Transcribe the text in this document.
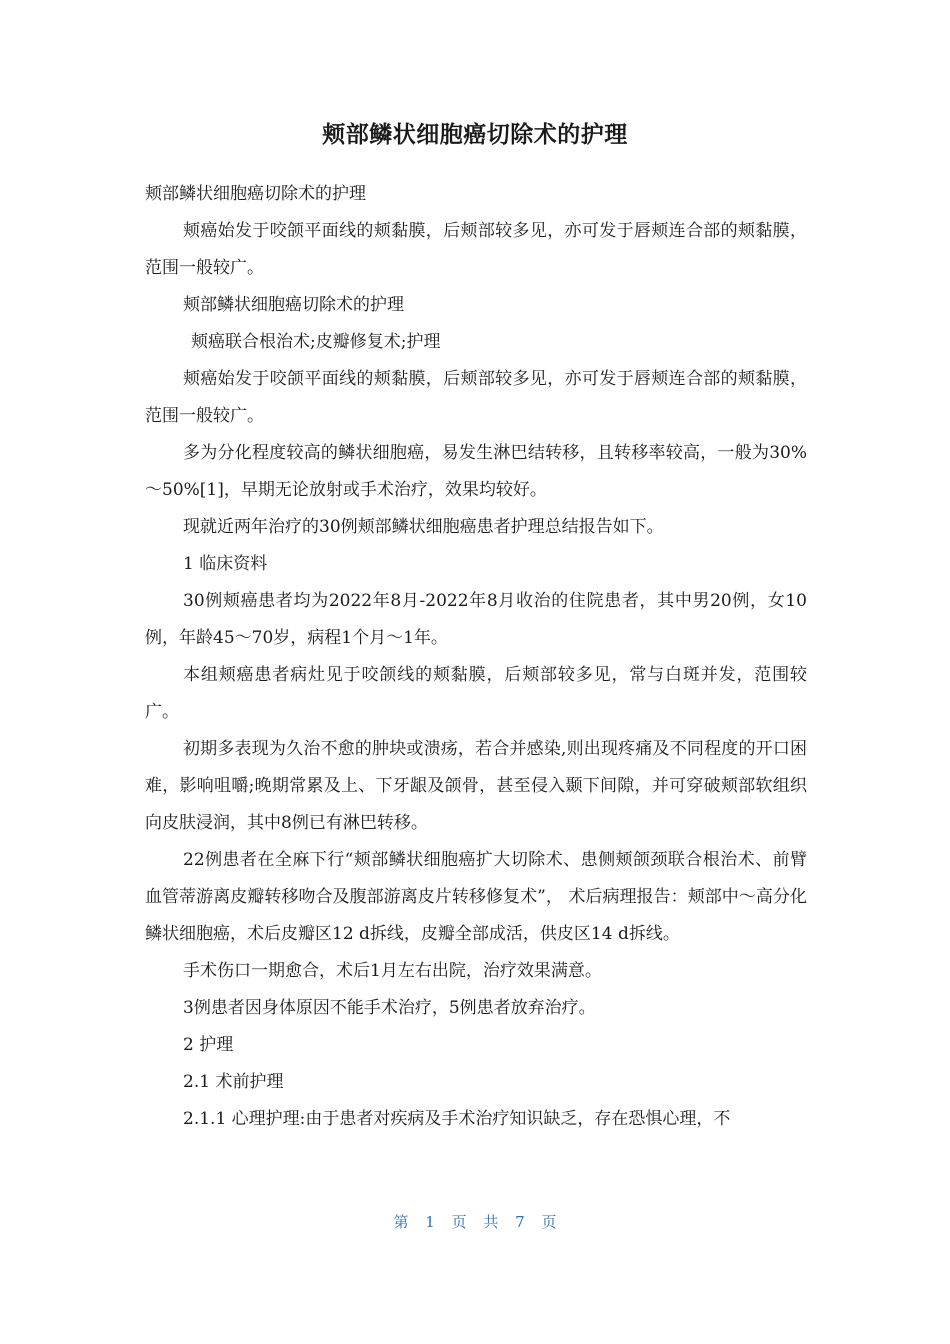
颊部鳞状细胞癌切除术的护理

颊部鳞状细胞癌切除术的护理

颊癌始发于咬颌平面线的颊黏膜，后颊部较多见，亦可发于唇颊连合部的颊黏膜，范围一般较广。

颊部鳞状细胞癌切除术的护理

颊癌联合根治术;皮瓣修复术;护理

颊癌始发于咬颌平面线的颊黏膜，后颊部较多见，亦可发于唇颊连合部的颊黏膜，范围一般较广。

多为分化程度较高的鳞状细胞癌，易发生淋巴结转移，且转移率较高，一般为30%～50%[1]，早期无论放射或手术治疗，效果均较好。

现就近两年治疗的30例颊部鳞状细胞癌患者护理总结报告如下。

1 临床资料

30例颊癌患者均为2022年8月-2022年8月收治的住院患者，其中男20例，女10例，年龄45～70岁，病程1个月～1年。

本组颊癌患者病灶见于咬颌线的颊黏膜，后颊部较多见，常与白斑并发，范围较广。

初期多表现为久治不愈的肿块或溃疡，若合并感染,则出现疼痛及不同程度的开口困难，影响咀嚼;晚期常累及上、下牙龈及颌骨，甚至侵入颞下间隙，并可穿破颊部软组织向皮肤浸润，其中8例已有淋巴转移。

22例患者在全麻下行“颊部鳞状细胞癌扩大切除术、患侧颊颌颈联合根治术、前臂血管蒂游离皮瓣转移吻合及腹部游离皮片转移修复术”， 术后病理报告：颊部中～高分化鳞状细胞癌，术后皮瓣区12 d拆线，皮瓣全部成活，供皮区14 d拆线。

手术伤口一期愈合，术后1月左右出院，治疗效果满意。

3例患者因身体原因不能手术治疗，5例患者放弃治疗。

2 护理

2.1 术前护理

2.1.1 心理护理:由于患者对疾病及手术治疗知识缺乏，存在恐惧心理，不

第 1 页 共 7 页
